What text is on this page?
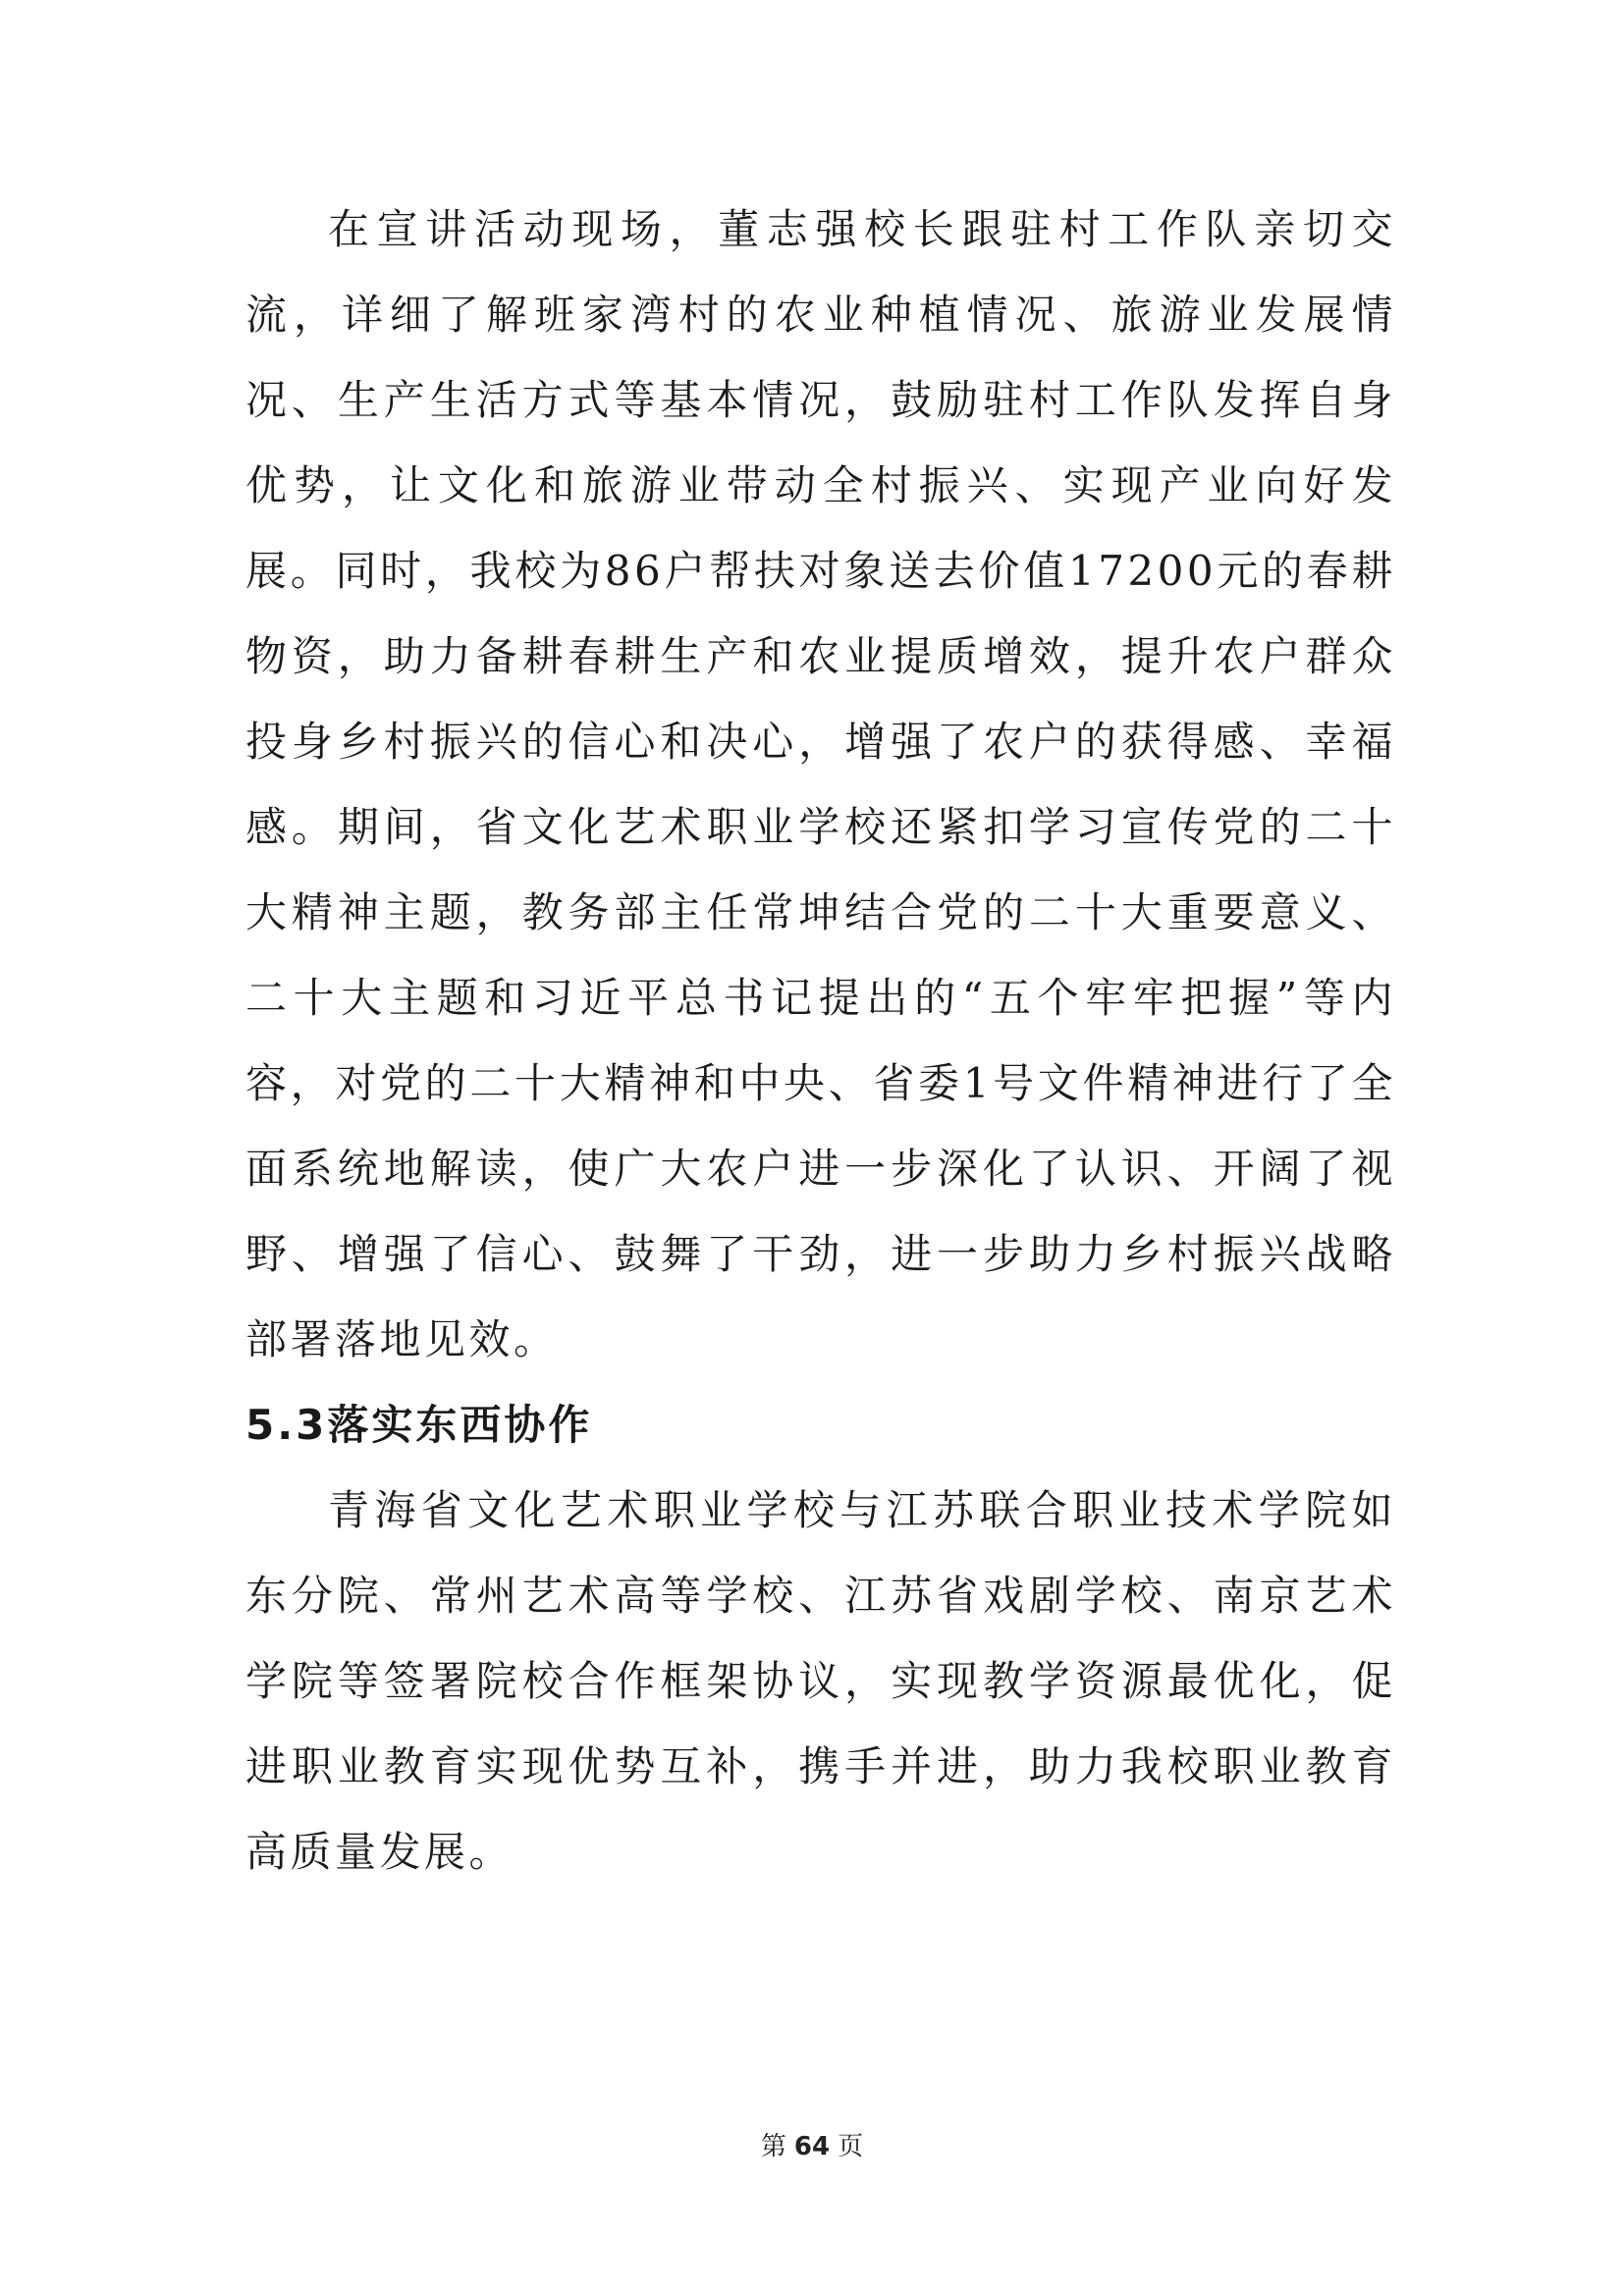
在宣讲活动现场，董志强校长跟驻村工作队亲切交流，详细了解班家湾村的农业种植情况、旅游业发展情况、生产生活方式等基本情况，鼓励驻村工作队发挥自身优势，让文化和旅游业带动全村振兴、实现产业向好发展。同时，我校为86户帮扶对象送去价值17200元的春耕物资，助力备耕春耕生产和农业提质增效，提升农户群众投身乡村振兴的信心和决心，增强了农户的获得感、幸福感。期间，省文化艺术职业学校还紧扣学习宣传党的二十大精神主题，教务部主任常坤结合党的二十大重要意义、二十大主题和习近平总书记提出的“五个牢牢把握”等内容，对党的二十大精神和中央、省委1号文件精神进行了全面系统地解读，使广大农户进一步深化了认识、开阔了视野、增强了信心、鼓舞了干劲，进一步助力乡村振兴战略部署落地见效。

5.3落实东西协作

青海省文化艺术职业学校与江苏联合职业技术学院如东分院、常州艺术高等学校、江苏省戏剧学校、南京艺术学院等签署院校合作框架协议，实现教学资源最优化，促进职业教育实现优势互补，携手并进，助力我校职业教育高质量发展。

第 64 页
